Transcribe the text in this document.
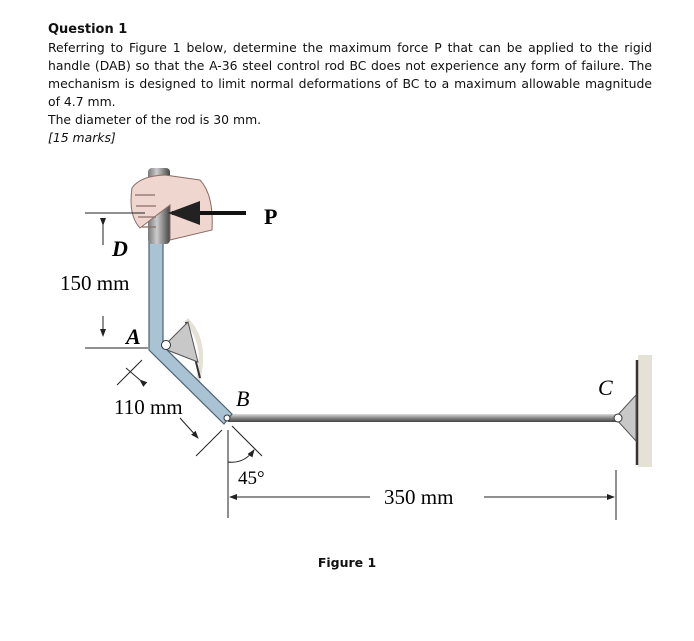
Question 1

Referring to Figure 1 below, determine the maximum force P that can be applied to the rigid handle (DAB) so that the A-36 steel control rod BC does not experience any form of failure. The mechanism is designed to limit normal deformations of BC to a maximum allowable magnitude of 4.7 mm.

The diameter of the rod is 30 mm.

[15 marks]

P
D
150 mm
A
110 mm B	C
45°
350 mm
Figure 1
